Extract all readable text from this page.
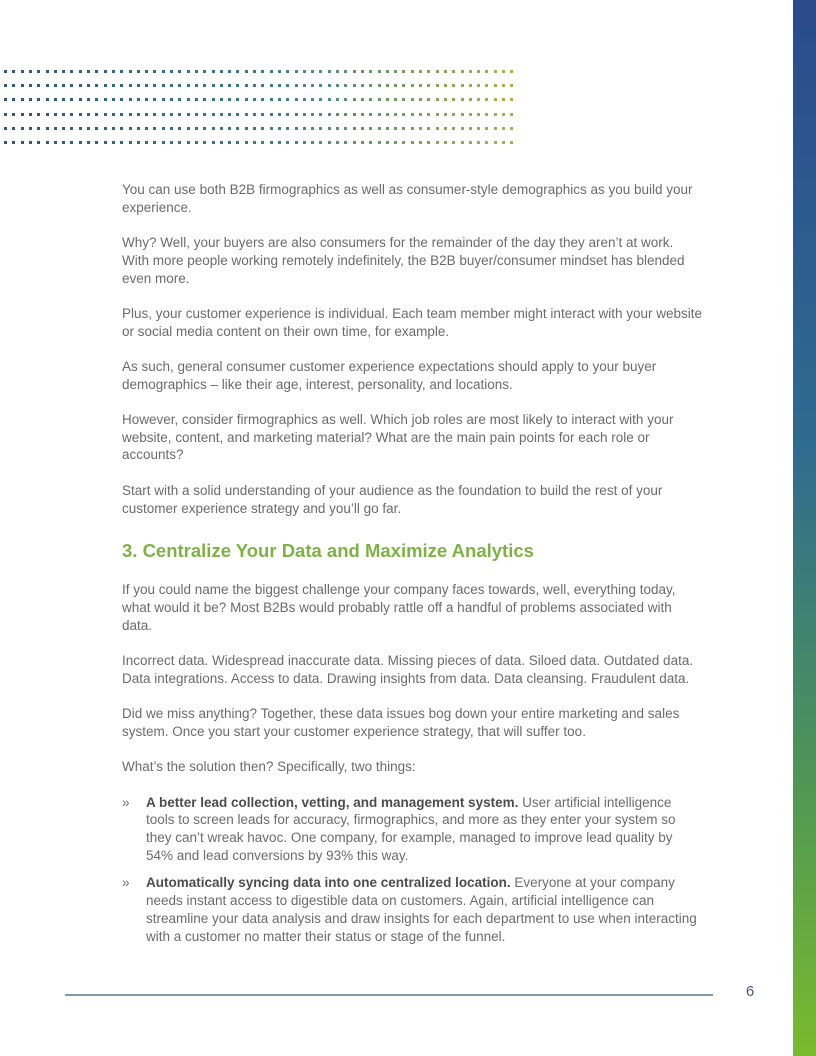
You can use both B2B firmographics as well as consumer-style demographics as you build your experience.

Why? Well, your buyers are also consumers for the remainder of the day they aren’t at work. With more people working remotely indefinitely, the B2B buyer/consumer mindset has blended even more.

Plus, your customer experience is individual. Each team member might interact with your website or social media content on their own time, for example.

As such, general consumer customer experience expectations should apply to your buyer demographics – like their age, interest, personality, and locations.

However, consider firmographics as well. Which job roles are most likely to interact with your website, content, and marketing material? What are the main pain points for each role or accounts?

Start with a solid understanding of your audience as the foundation to build the rest of your customer experience strategy and you’ll go far.

3. Centralize Your Data and Maximize Analytics

If you could name the biggest challenge your company faces towards, well, everything today, what would it be? Most B2Bs would probably rattle off a handful of problems associated with data.

Incorrect data. Widespread inaccurate data. Missing pieces of data. Siloed data. Outdated data. Data integrations. Access to data. Drawing insights from data. Data cleansing. Fraudulent data.

Did we miss anything? Together, these data issues bog down your entire marketing and sales system. Once you start your customer experience strategy, that will suffer too.

What’s the solution then? Specifically, two things:

»	A better lead collection, vetting, and management system. User artificial intelligence tools to screen leads for accuracy, firmographics, and more as they enter your system so they can’t wreak havoc. One company, for example, managed to improve lead quality by 54% and lead conversions by 93% this way.
»	Automatically syncing data into one centralized location. Everyone at your company needs instant access to digestible data on customers. Again, artificial intelligence can streamline your data analysis and draw insights for each department to use when interacting with a customer no matter their status or stage of the funnel.
6
